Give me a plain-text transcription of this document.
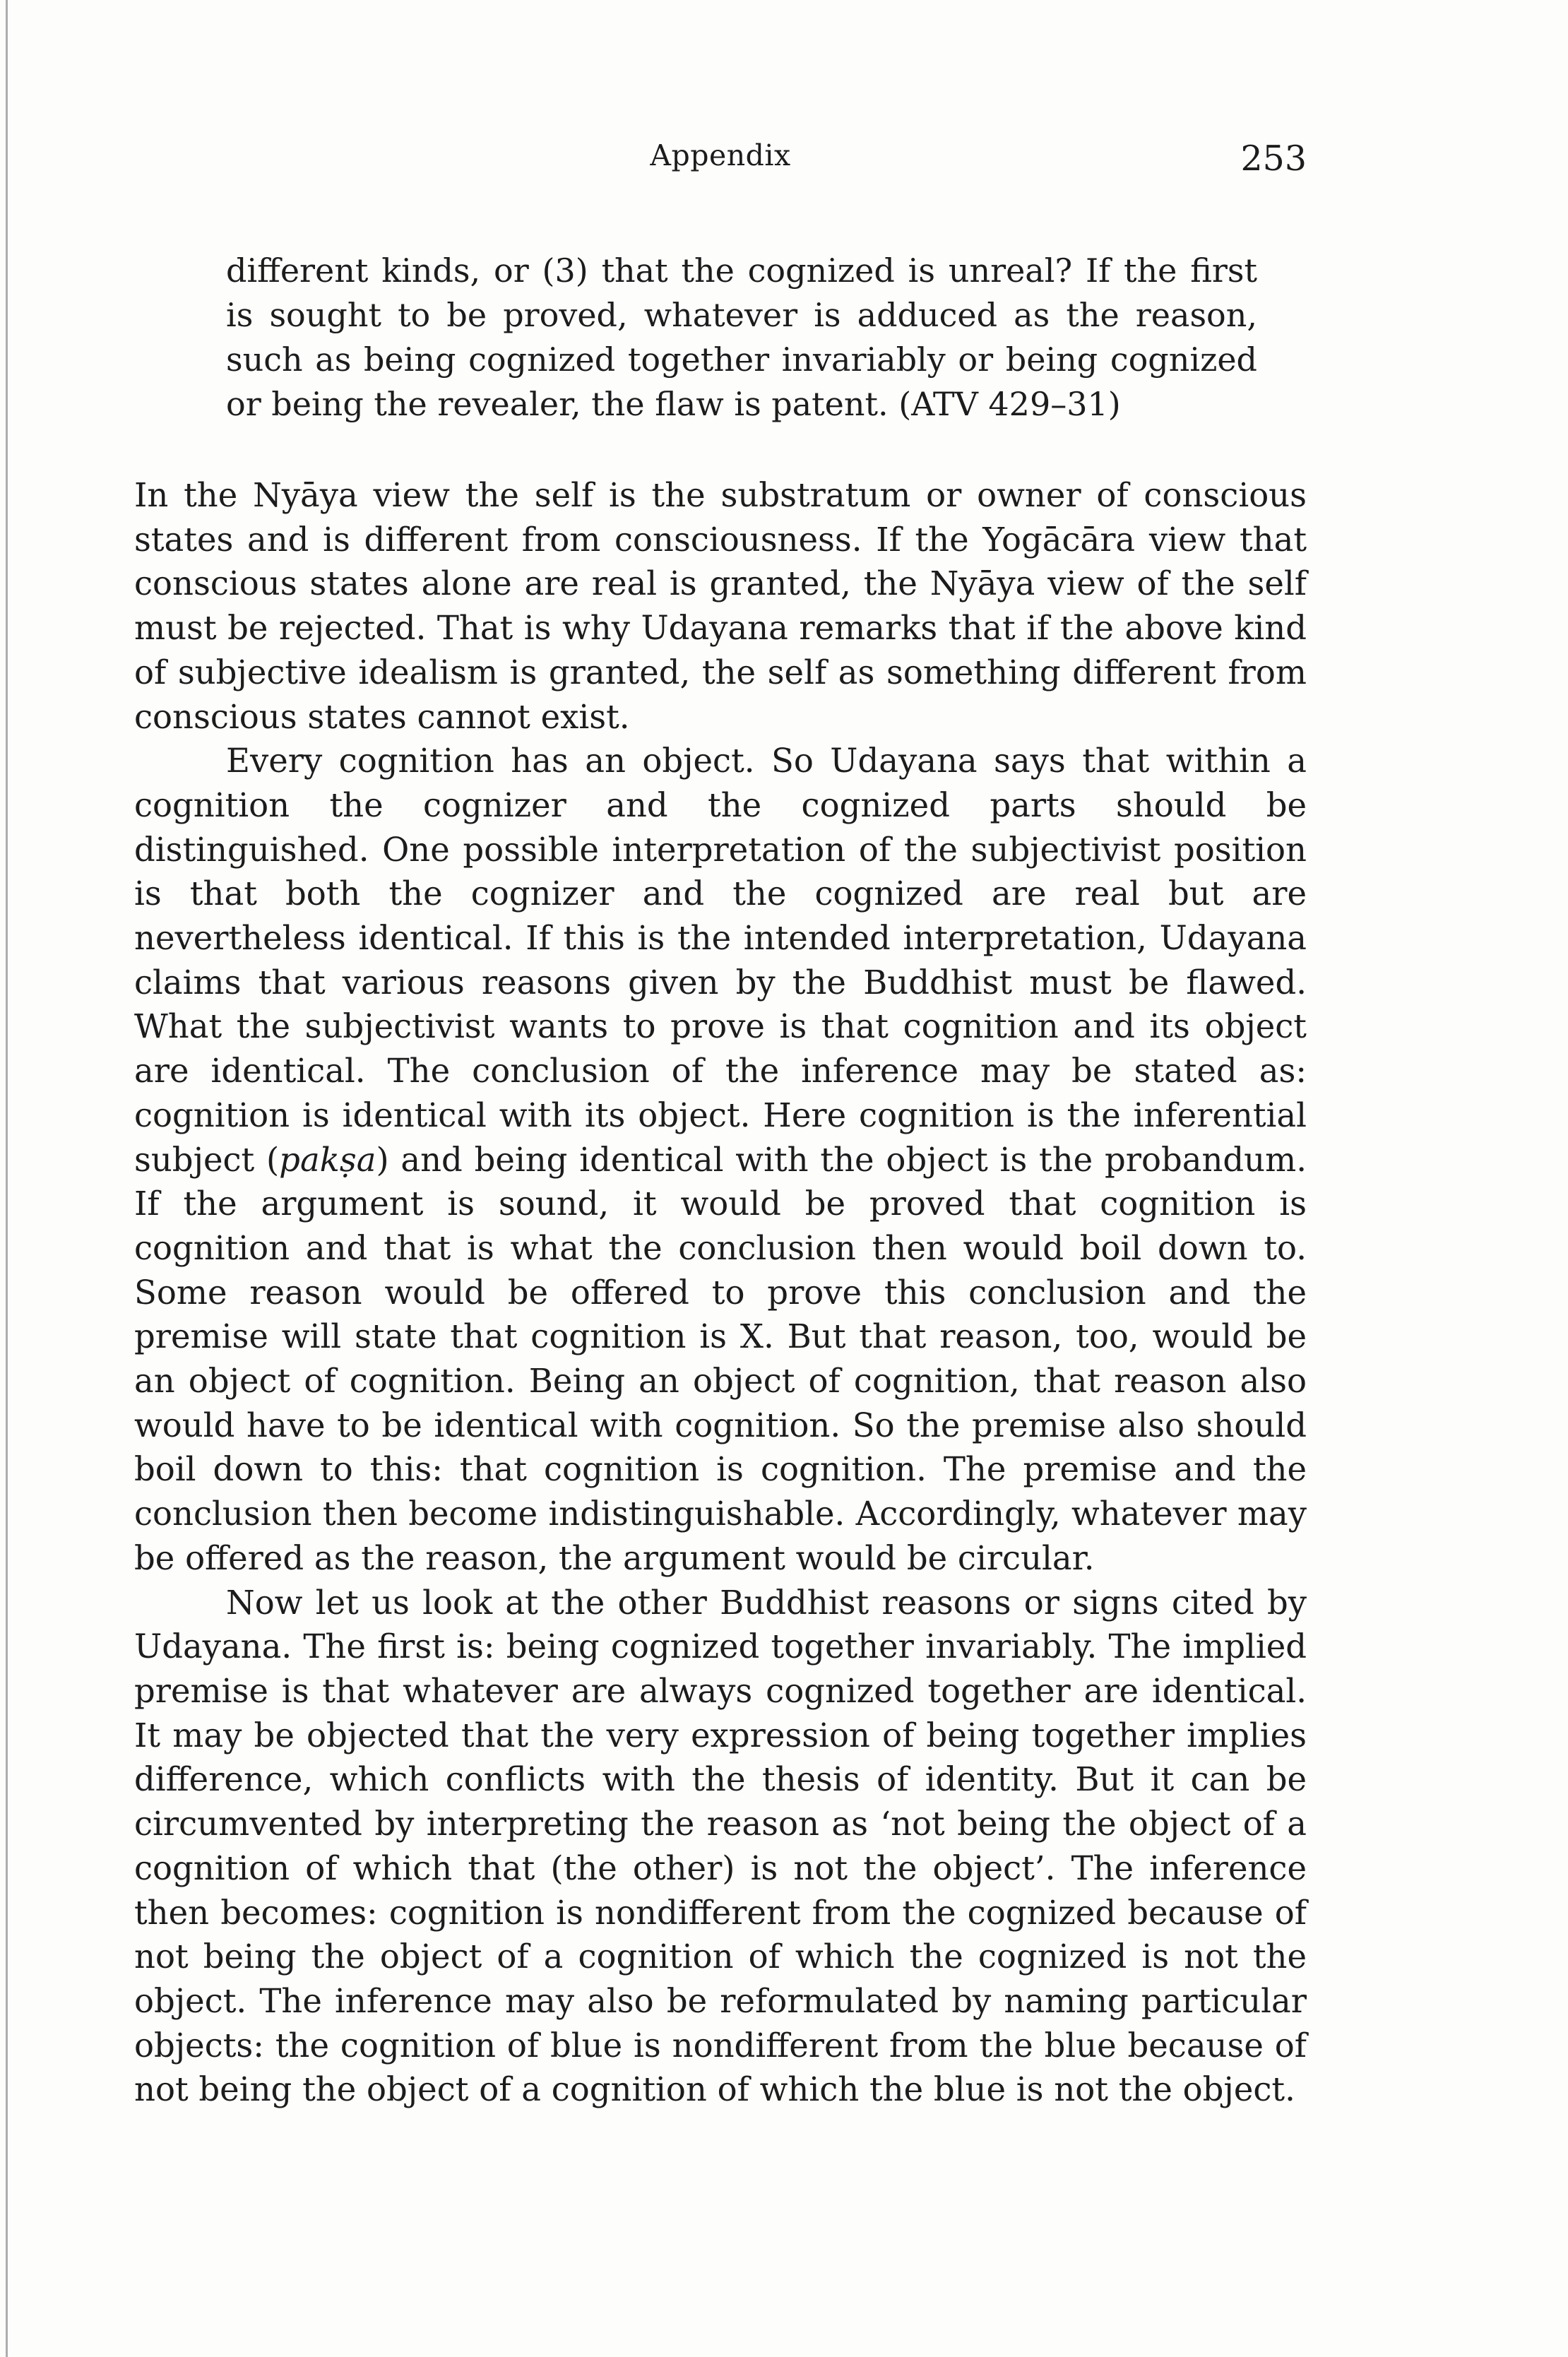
Appendix	253

different kinds, or (3) that the cognized is unreal? If the first is sought to be proved, whatever is adduced as the reason, such as being cognized together invariably or being cognized or being the revealer, the flaw is patent. (ATV 429–31)

In the Nyāya view the self is the substratum or owner of conscious states and is different from consciousness. If the Yogācāra view that conscious states alone are real is granted, the Nyāya view of the self must be rejected. That is why Udayana remarks that if the above kind of subjective idealism is granted, the self as something different from conscious states cannot exist.

Every cognition has an object. So Udayana says that within a cognition the cognizer and the cognized parts should be distinguished. One possible interpretation of the subjectivist position is that both the cognizer and the cognized are real but are nevertheless identical. If this is the intended interpretation, Udayana claims that various reasons given by the Buddhist must be flawed. What the subjectivist wants to prove is that cognition and its object are identical. The conclusion of the inference may be stated as: cognition is identical with its object. Here cognition is the inferential subject (pakṣa) and being identical with the object is the probandum. If the argument is sound, it would be proved that cognition is cognition and that is what the conclusion then would boil down to. Some reason would be offered to prove this conclusion and the premise will state that cognition is X. But that reason, too, would be an object of cognition. Being an object of cognition, that reason also would have to be identical with cognition. So the premise also should boil down to this: that cognition is cognition. The premise and the conclusion then become indistinguishable. Accordingly, whatever may be offered as the reason, the argument would be circular.

Now let us look at the other Buddhist reasons or signs cited by Udayana. The first is: being cognized together invariably. The implied premise is that whatever are always cognized together are identical. It may be objected that the very expression of being together implies difference, which conflicts with the thesis of identity. But it can be circumvented by interpreting the reason as ‘not being the object of a cognition of which that (the other) is not the object’. The inference then becomes: cognition is nondifferent from the cognized because of not being the object of a cognition of which the cognized is not the object. The inference may also be reformulated by naming particular objects: the cognition of blue is nondifferent from the blue because of not being the object of a cognition of which the blue is not the object.
